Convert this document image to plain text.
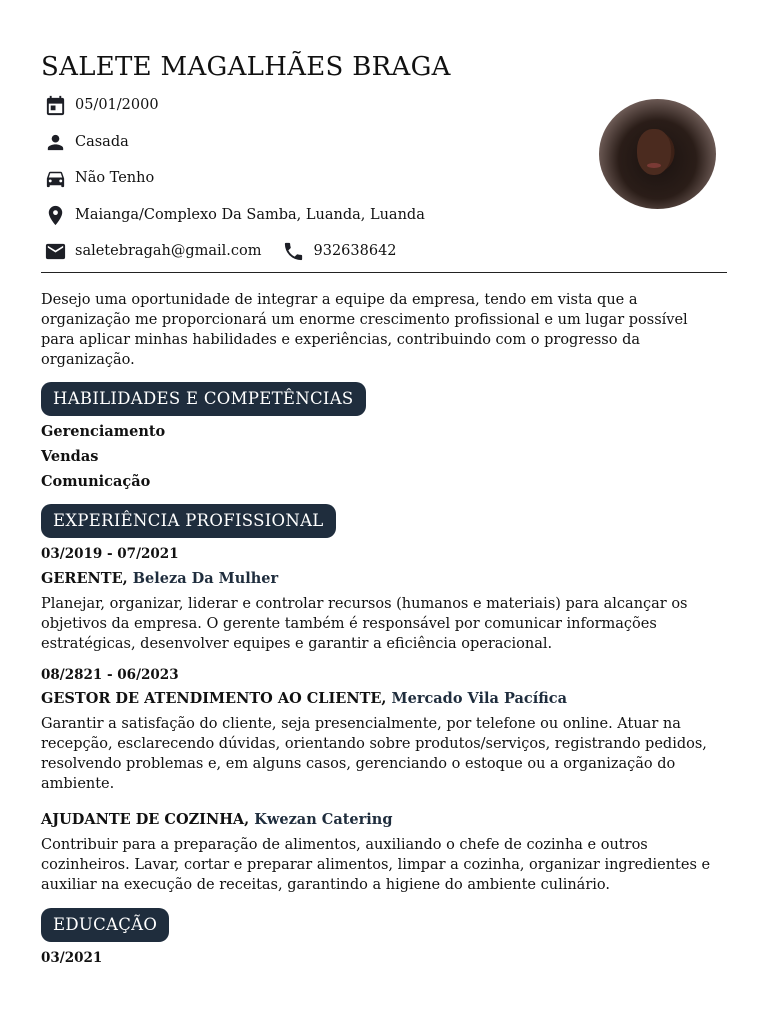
SALETE MAGALHÃES BRAGA
05/01/2000
Casada
Não Tenho
Maianga/Complexo Da Samba, Luanda, Luanda
saletebragah@gmail.com	932638642

Desejo uma oportunidade de integrar a equipe da empresa, tendo em vista que a organização me proporcionará um enorme crescimento profissional e um lugar possível para aplicar minhas habilidades e experiências, contribuindo com o progresso da organização.

HABILIDADES E COMPETÊNCIAS
Gerenciamento
Vendas
Comunicação
EXPERIÊNCIA PROFISSIONAL
03/2019 - 07/2021
GERENTE, Beleza Da Mulher

Planejar, organizar, liderar e controlar recursos (humanos e materiais) para alcançar os objetivos da empresa. O gerente também é responsável por comunicar informações estratégicas, desenvolver equipes e garantir a eficiência operacional.

08/2821 - 06/2023
GESTOR DE ATENDIMENTO AO CLIENTE, Mercado Vila Pacífica

Garantir a satisfação do cliente, seja presencialmente, por telefone ou online. Atuar na recepção, esclarecendo dúvidas, orientando sobre produtos/serviços, registrando pedidos, resolvendo problemas e, em alguns casos, gerenciando o estoque ou a organização do ambiente.

AJUDANTE DE COZINHA, Kwezan Catering

Contribuir para a preparação de alimentos, auxiliando o chefe de cozinha e outros cozinheiros. Lavar, cortar e preparar alimentos, limpar a cozinha, organizar ingredientes e auxiliar na execução de receitas, garantindo a higiene do ambiente culinário.

EDUCAÇÃO
03/2021
